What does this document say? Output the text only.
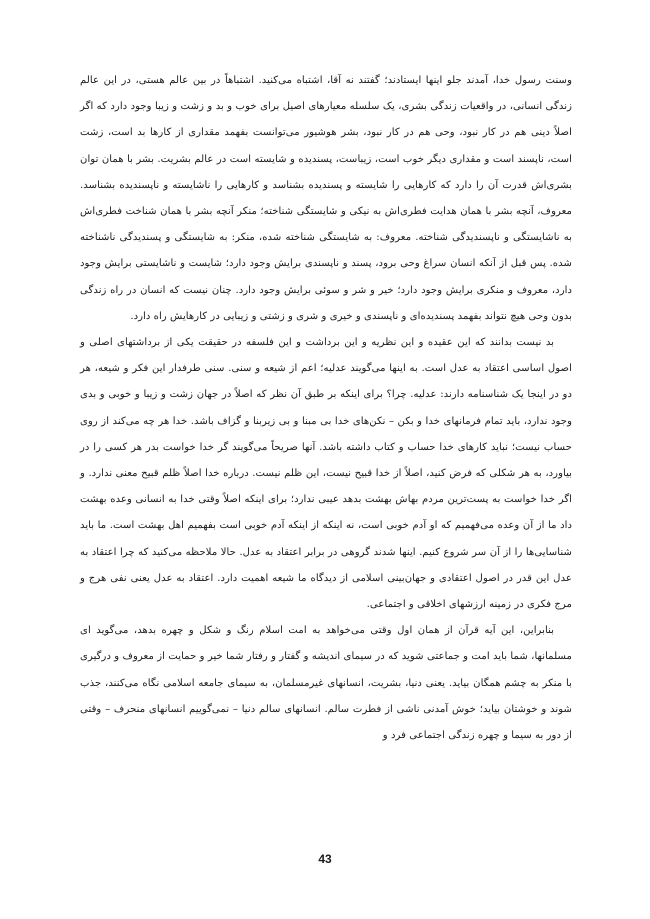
وسنت رسول خدا، آمدند جلو اینها ایستادند؛ گفتند نه آقا، اشتباه می‌کنید. اشتباهاً در بین عالم هستی، در این عالم زندگی انسانی، در واقعیات زندگی بشری، یک سلسله معیارهای اصیل برای خوب و بد و زشت و زیبا وجود دارد که اگر اصلاً دینی هم در کار نبود، وحی هم در کار نبود، بشر هوشیور می‌توانست بفهمد مقداری از کارها بد است، زشت است، ناپسند است و مقداری دیگر خوب است، زیباست، پسندیده و شایسته است در عالم بشریت. بشر با همان توان بشری‌اش قدرت آن را دارد که کارهایی را شایسته و پسندیده بشناسد و کارهایی را ناشایسته و ناپسندیده بشناسد. معروف، آنچه بشر با همان هدایت فطری‌اش به نیکی و شایستگی شناخته؛ منکر آنچه بشر با همان شناخت فطری‌اش به ناشایستگی و ناپسندیدگی شناخته. معروف: به شایستگی شناخته شده، منکر: به شایستگی و پسندیدگی ناشناخته شده. پس قبل از آنکه انسان سراغ وحی برود، پسند و ناپسندی برایش وجود دارد؛ شایست و ناشایستی برایش وجود دارد، معروف و منکری برایش وجود دارد؛ خیر و شر و سوئی برایش وجود دارد. چنان نیست که انسان در راه زندگی بدون وحی هیچ نتواند بفهمد پسندیده‌ای و ناپسندی و خیری و شری و زشتی و زیبایی در کارهایش راه دارد.

بد نیست بدانند که این عقیده و این نظریه و این برداشت و این فلسفه در حقیقت یکی از برداشتهای اصلی و اصول اساسی اعتقاد به عدل است. به اینها می‌گویند عدلیه؛ اعم از شیعه و سنی. سنی طرفدار این فکر و شیعه، هر دو در اینجا یک شناسنامه دارند: عدلیه. چرا؟ برای اینکه بر طبق آن نظر که اصلاً در جهان زشت و زیبا و خوبی و بدی وجود ندارد، باید تمام فرمانهای خدا و بکن – نکن‌های خدا بی مبنا و بی زیربنا و گزاف باشد. خدا هر چه می‌کند از روی حساب نیست؛ نباید کارهای خدا حساب و کتاب داشته باشد. آنها صریحاً می‌گویند گر خدا خواست بدر هر کسی را در بیاورد، به هر شکلی که فرض کنید، اصلاً از خدا قبیح نیست، این ظلم نیست. درباره خدا اصلاً ظلم قبیح معنی ندارد. و اگر خدا خواست به پست‌ترین مردم بهاش بهشت بدهد عیبی ندارد؛ برای اینکه اصلاً وقتی خدا به انسانی وعده بهشت داد ما از آن وعده می‌فهمیم که او آدم خوبی است، نه اینکه از اینکه آدم خوبی است بفهمیم اهل بهشت است. ما باید شناسایی‌ها را از آن سر شروع کنیم. اینها شدند گروهی در برابر اعتقاد به عدل. حالا ملاحظه می‌کنید که چرا اعتقاد به عدل این قدر در اصول اعتقادی و جهان‌بینی اسلامی از دیدگاه ما شیعه اهمیت دارد. اعتقاد به عدل یعنی نفی هرج و مرج فکری در زمینه ارزشهای اخلاقی و اجتماعی.

بنابراین، این آیه قرآن از همان اول وقتی می‌خواهد به امت اسلام رنگ و شکل و چهره بدهد، می‌گوید ای مسلمانها، شما باید امت و جماعتی شوید که در سیمای اندیشه و گفتار و رفتار شما خیر و حمایت از معروف و درگیری با منکر به چشم همگان بیاید. یعنی دنیا، بشریت، انسانهای غیرمسلمان، به سیمای جامعه اسلامی نگاه می‌کنند، جذب شوند و خوشتان بیاید؛ خوش آمدنی ناشی از فطرت سالم. انسانهای سالم دنیا – نمی‌گوییم انسانهای منحرف – وقتی از دور به سیما و چهره زندگی اجتماعی فرد و

43
